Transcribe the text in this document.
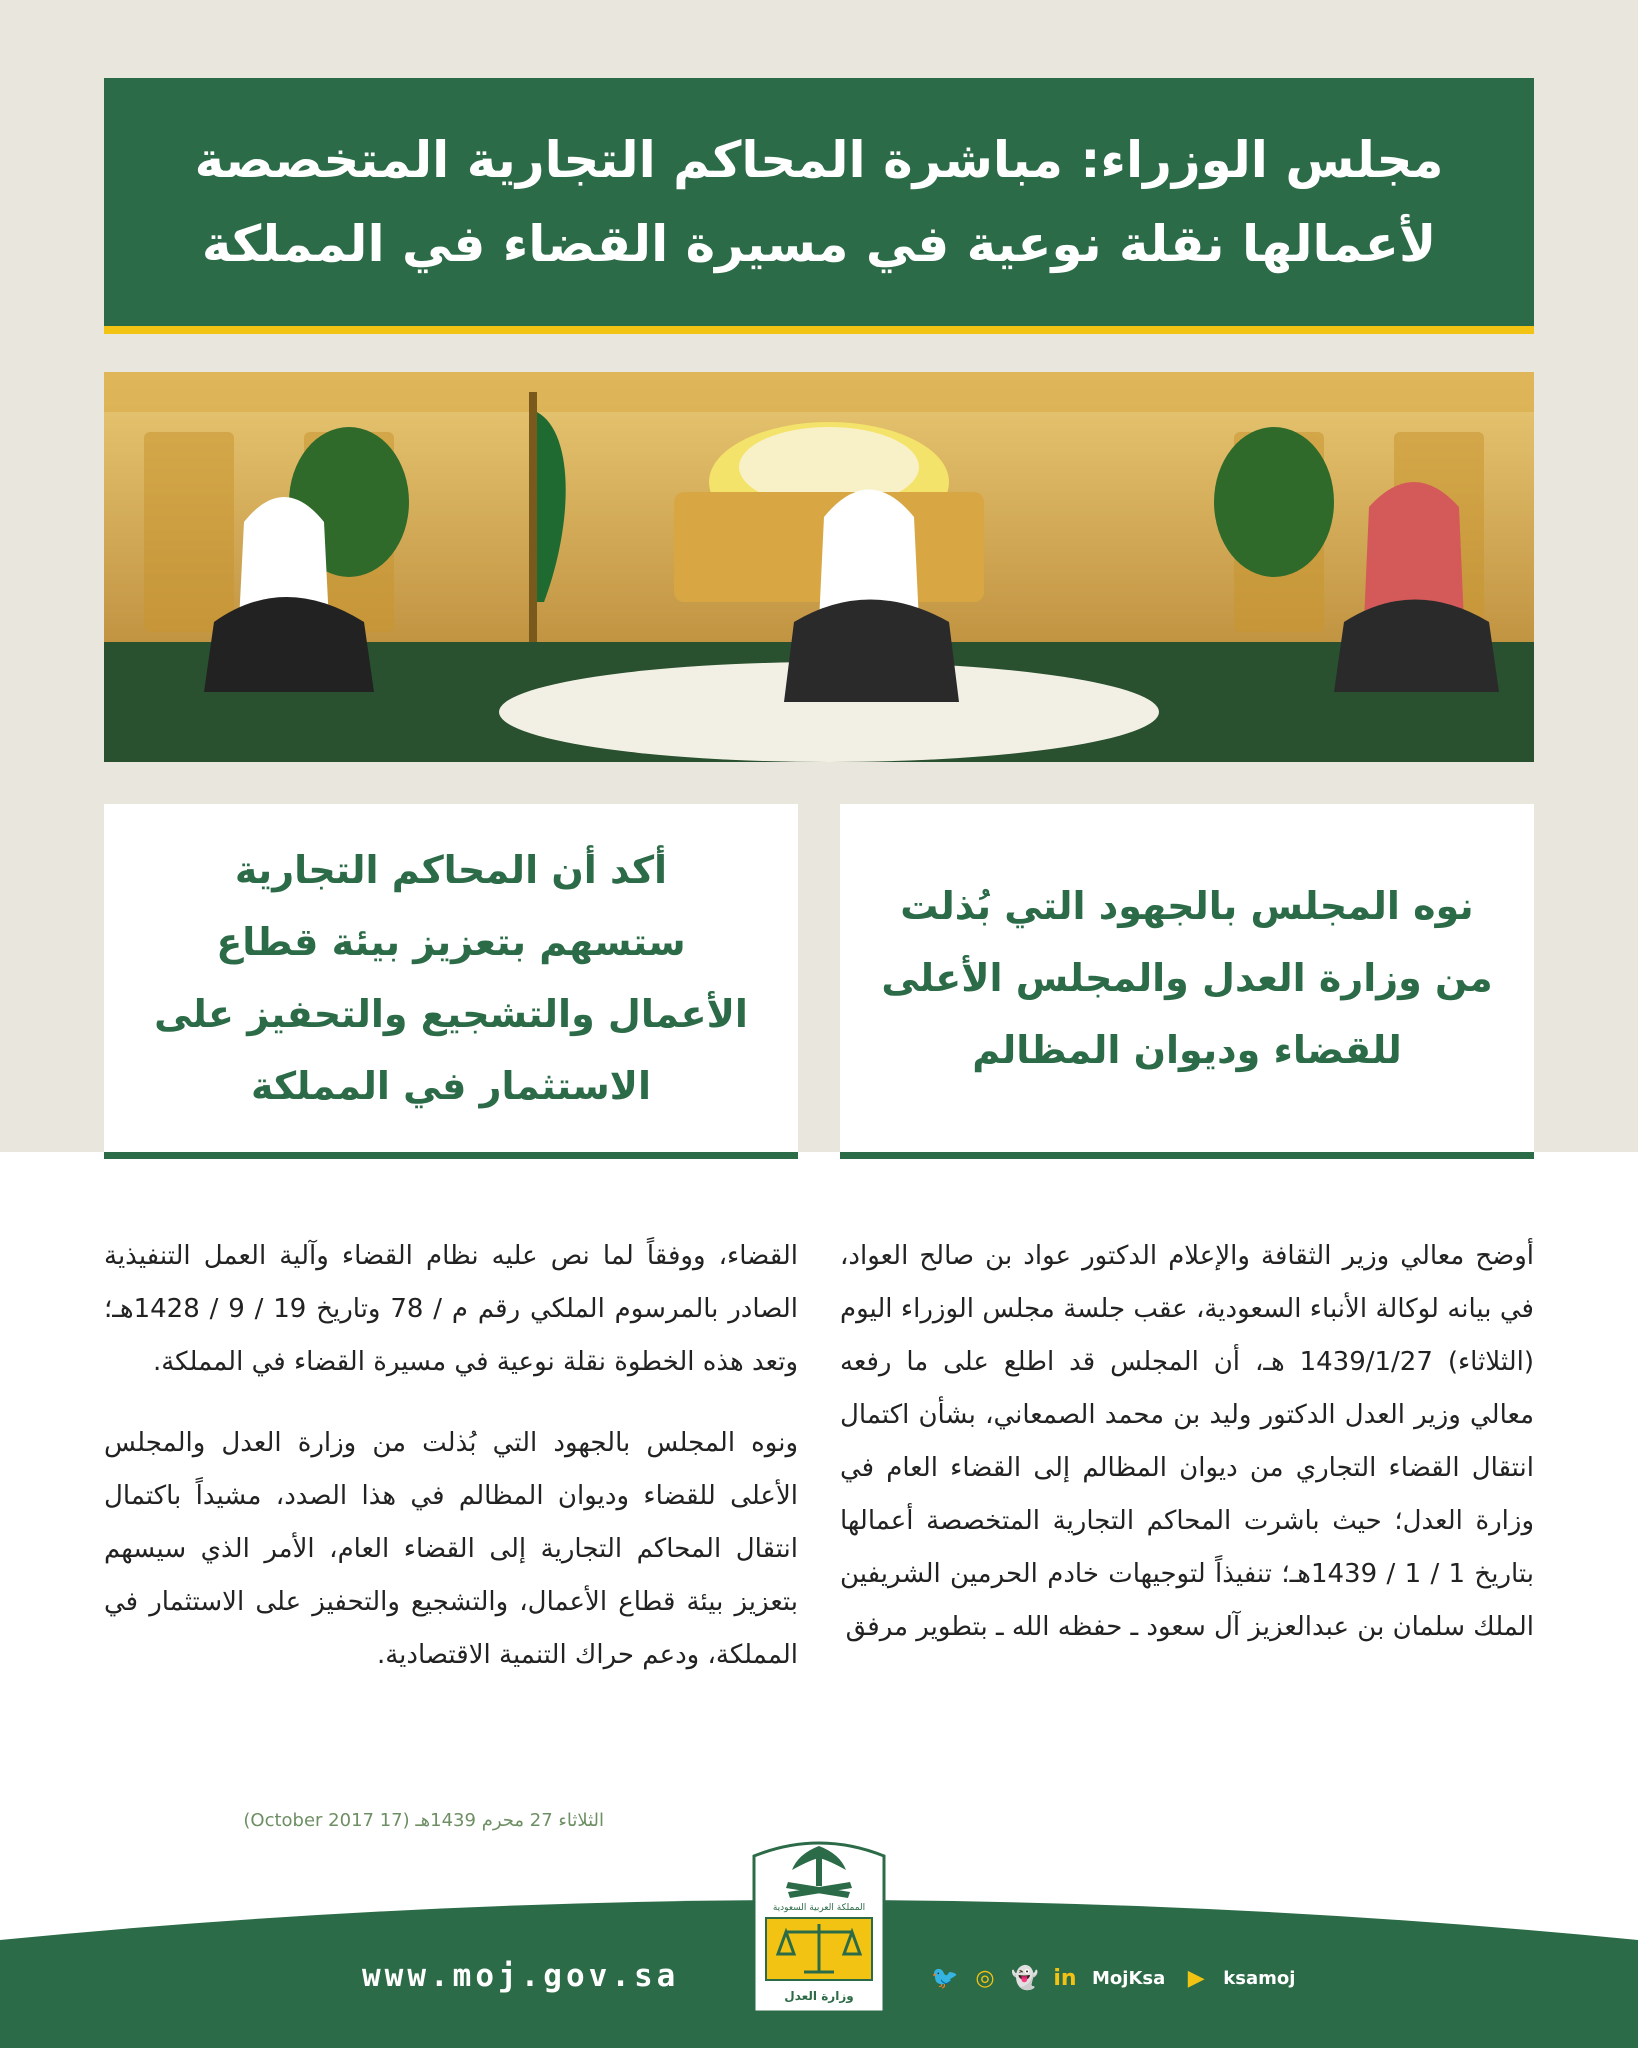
مجلس الوزراء: مباشرة المحاكم التجارية المتخصصة
لأعمالها نقلة نوعية في مسيرة القضاء في المملكة
أكد أن المحاكم التجارية
ستسهم بتعزيز بيئة قطاع
الأعمال والتشجيع والتحفيز على
الاستثمار في المملكة
نوه المجلس بالجهود التي بُذلت
من وزارة العدل والمجلس الأعلى
للقضاء وديوان المظالم

أوضح معالي وزير الثقافة والإعلام الدكتور عواد بن صالح العواد، في بيانه لوكالة الأنباء السعودية، عقب جلسة مجلس الوزراء اليوم (الثلاثاء) 1439/1/27 هـ، أن المجلس قد اطلع على ما رفعه معالي وزير العدل الدكتور وليد بن محمد الصمعاني، بشأن اكتمال انتقال القضاء التجاري من ديوان المظالم إلى القضاء العام في وزارة العدل؛ حيث باشرت المحاكم التجارية المتخصصة أعمالها بتاريخ 1 / 1 / 1439هـ؛ تنفيذاً لتوجيهات خادم الحرمين الشريفين الملك سلمان بن عبدالعزيز آل سعود ـ حفظه الله ـ بتطوير مرفق

القضاء، ووفقاً لما نص عليه نظام القضاء وآلية العمل التنفيذية الصادر بالمرسوم الملكي رقم م / 78 وتاريخ 19 / 9 / 1428هـ؛ وتعد هذه الخطوة نقلة نوعية في مسيرة القضاء في المملكة.

ونوه المجلس بالجهود التي بُذلت من وزارة العدل والمجلس الأعلى للقضاء وديوان المظالم في هذا الصدد، مشيداً باكتمال انتقال المحاكم التجارية إلى القضاء العام، الأمر الذي سيسهم بتعزيز بيئة قطاع الأعمال، والتشجيع والتحفيز على الاستثمار في المملكة، ودعم حراك التنمية الاقتصادية.

الثلاثاء 27 محرم 1439هـ (17 October 2017)
www.moj.gov.sa	🐦 ◎ 👻 in MojKsa ▶	ksamoj
المملكة العربية السعودية
وزارة العدل
